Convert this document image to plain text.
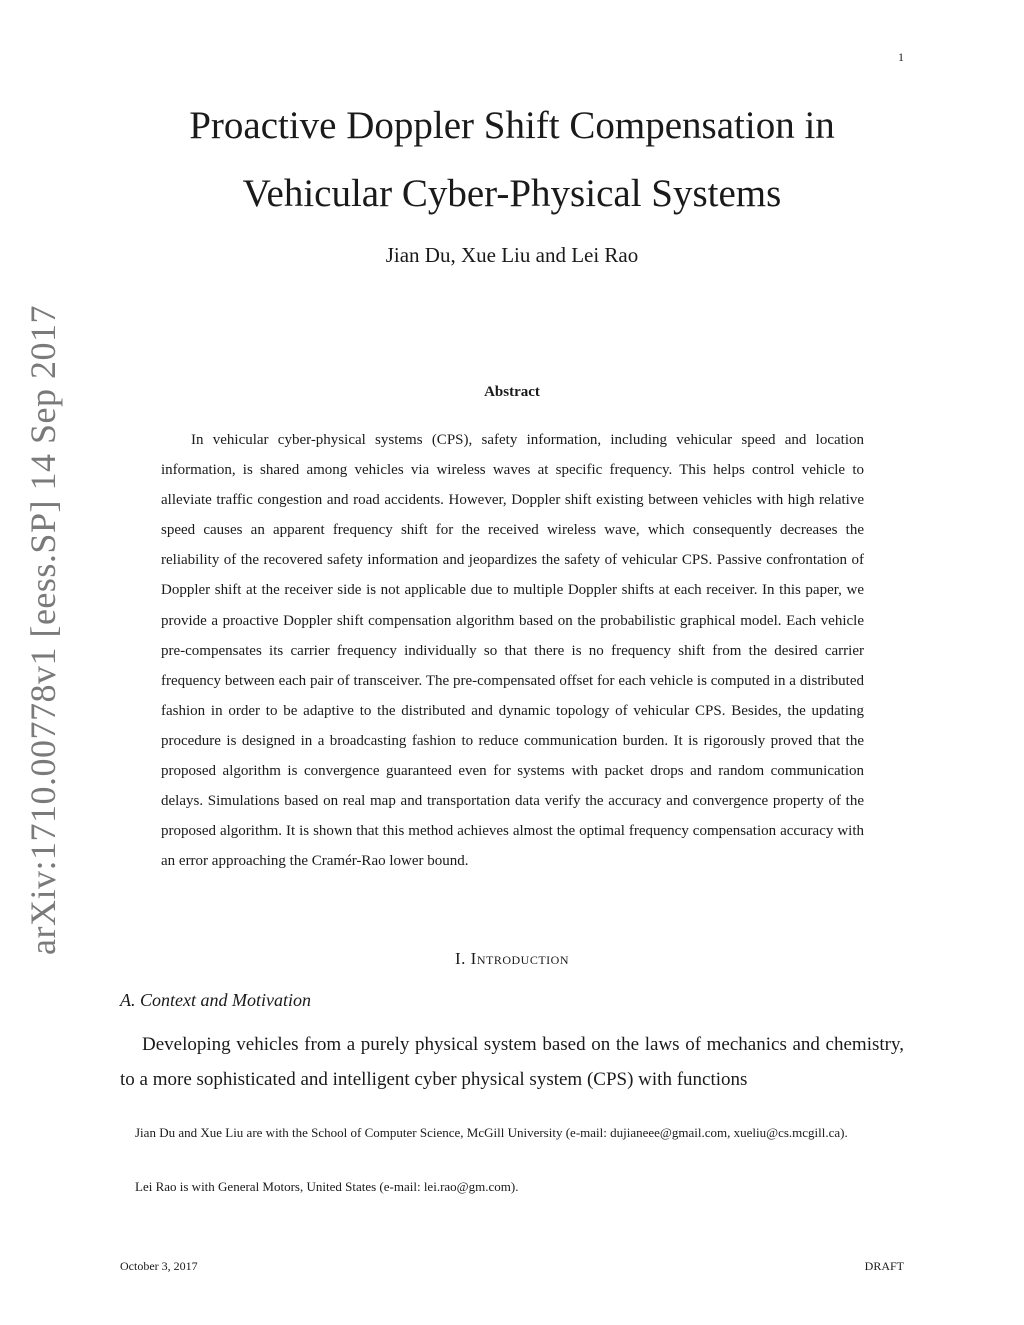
1
arXiv:1710.00778v1 [eess.SP] 14 Sep 2017
Proactive Doppler Shift Compensation in
Vehicular Cyber-Physical Systems
Jian Du, Xue Liu and Lei Rao
Abstract

In vehicular cyber-physical systems (CPS), safety information, including vehicular speed and location information, is shared among vehicles via wireless waves at specific frequency. This helps control vehicle to alleviate traffic congestion and road accidents. However, Doppler shift existing between vehicles with high relative speed causes an apparent frequency shift for the received wireless wave, which consequently decreases the reliability of the recovered safety information and jeopardizes the safety of vehicular CPS. Passive confrontation of Doppler shift at the receiver side is not applicable due to multiple Doppler shifts at each receiver. In this paper, we provide a proactive Doppler shift compensation algorithm based on the probabilistic graphical model. Each vehicle pre-compensates its carrier frequency individually so that there is no frequency shift from the desired carrier frequency between each pair of transceiver. The pre-compensated offset for each vehicle is computed in a distributed fashion in order to be adaptive to the distributed and dynamic topology of vehicular CPS. Besides, the updating procedure is designed in a broadcasting fashion to reduce communication burden. It is rigorously proved that the proposed algorithm is convergence guaranteed even for systems with packet drops and random communication delays. Simulations based on real map and transportation data verify the accuracy and convergence property of the proposed algorithm. It is shown that this method achieves almost the optimal frequency compensation accuracy with an error approaching the Cramér-Rao lower bound.

I. Introduction
A. Context and Motivation

Developing vehicles from a purely physical system based on the laws of mechanics and chemistry, to a more sophisticated and intelligent cyber physical system (CPS) with functions

Jian Du and Xue Liu are with the School of Computer Science, McGill University (e-mail: dujianeee@gmail.com, xueliu@cs.mcgill.ca).

Lei Rao is with General Motors, United States (e-mail: lei.rao@gm.com).

October 3, 2017	DRAFT
